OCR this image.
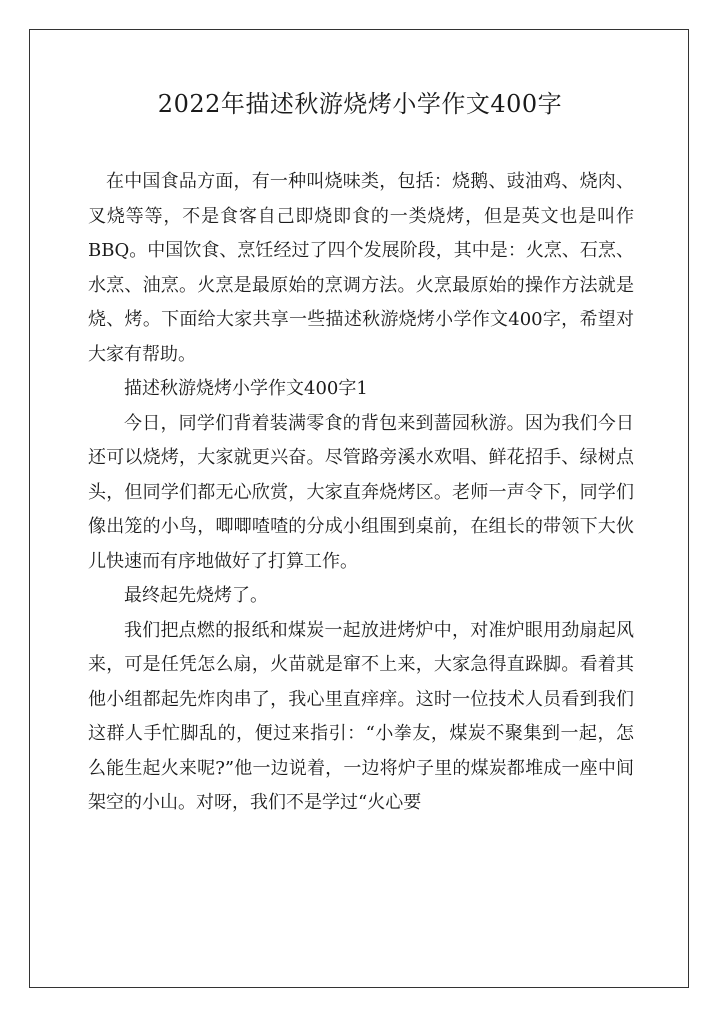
2022年描述秋游烧烤小学作文400字

在中国食品方面，有一种叫烧味类，包括：烧鹅、豉油鸡、烧肉、叉烧等等，不是食客自己即烧即食的一类烧烤，但是英文也是叫作BBQ。中国饮食、烹饪经过了四个发展阶段，其中是：火烹、石烹、水烹、油烹。火烹是最原始的烹调方法。火烹最原始的操作方法就是烧、烤。下面给大家共享一些描述秋游烧烤小学作文400字，希望对大家有帮助。

描述秋游烧烤小学作文400字1

今日，同学们背着装满零食的背包来到蔷园秋游。因为我们今日还可以烧烤，大家就更兴奋。尽管路旁溪水欢唱、鲜花招手、绿树点头，但同学们都无心欣赏，大家直奔烧烤区。老师一声令下，同学们像出笼的小鸟，唧唧喳喳的分成小组围到桌前，在组长的带领下大伙儿快速而有序地做好了打算工作。

最终起先烧烤了。

我们把点燃的报纸和煤炭一起放进烤炉中，对准炉眼用劲扇起风来，可是任凭怎么扇，火苗就是窜不上来，大家急得直跺脚。看着其他小组都起先炸肉串了，我心里直痒痒。这时一位技术人员看到我们这群人手忙脚乱的，便过来指引：“小拳友，煤炭不聚集到一起，怎么能生起火来呢?”他一边说着，一边将炉子里的煤炭都堆成一座中间架空的小山。对呀，我们不是学过“火心要
